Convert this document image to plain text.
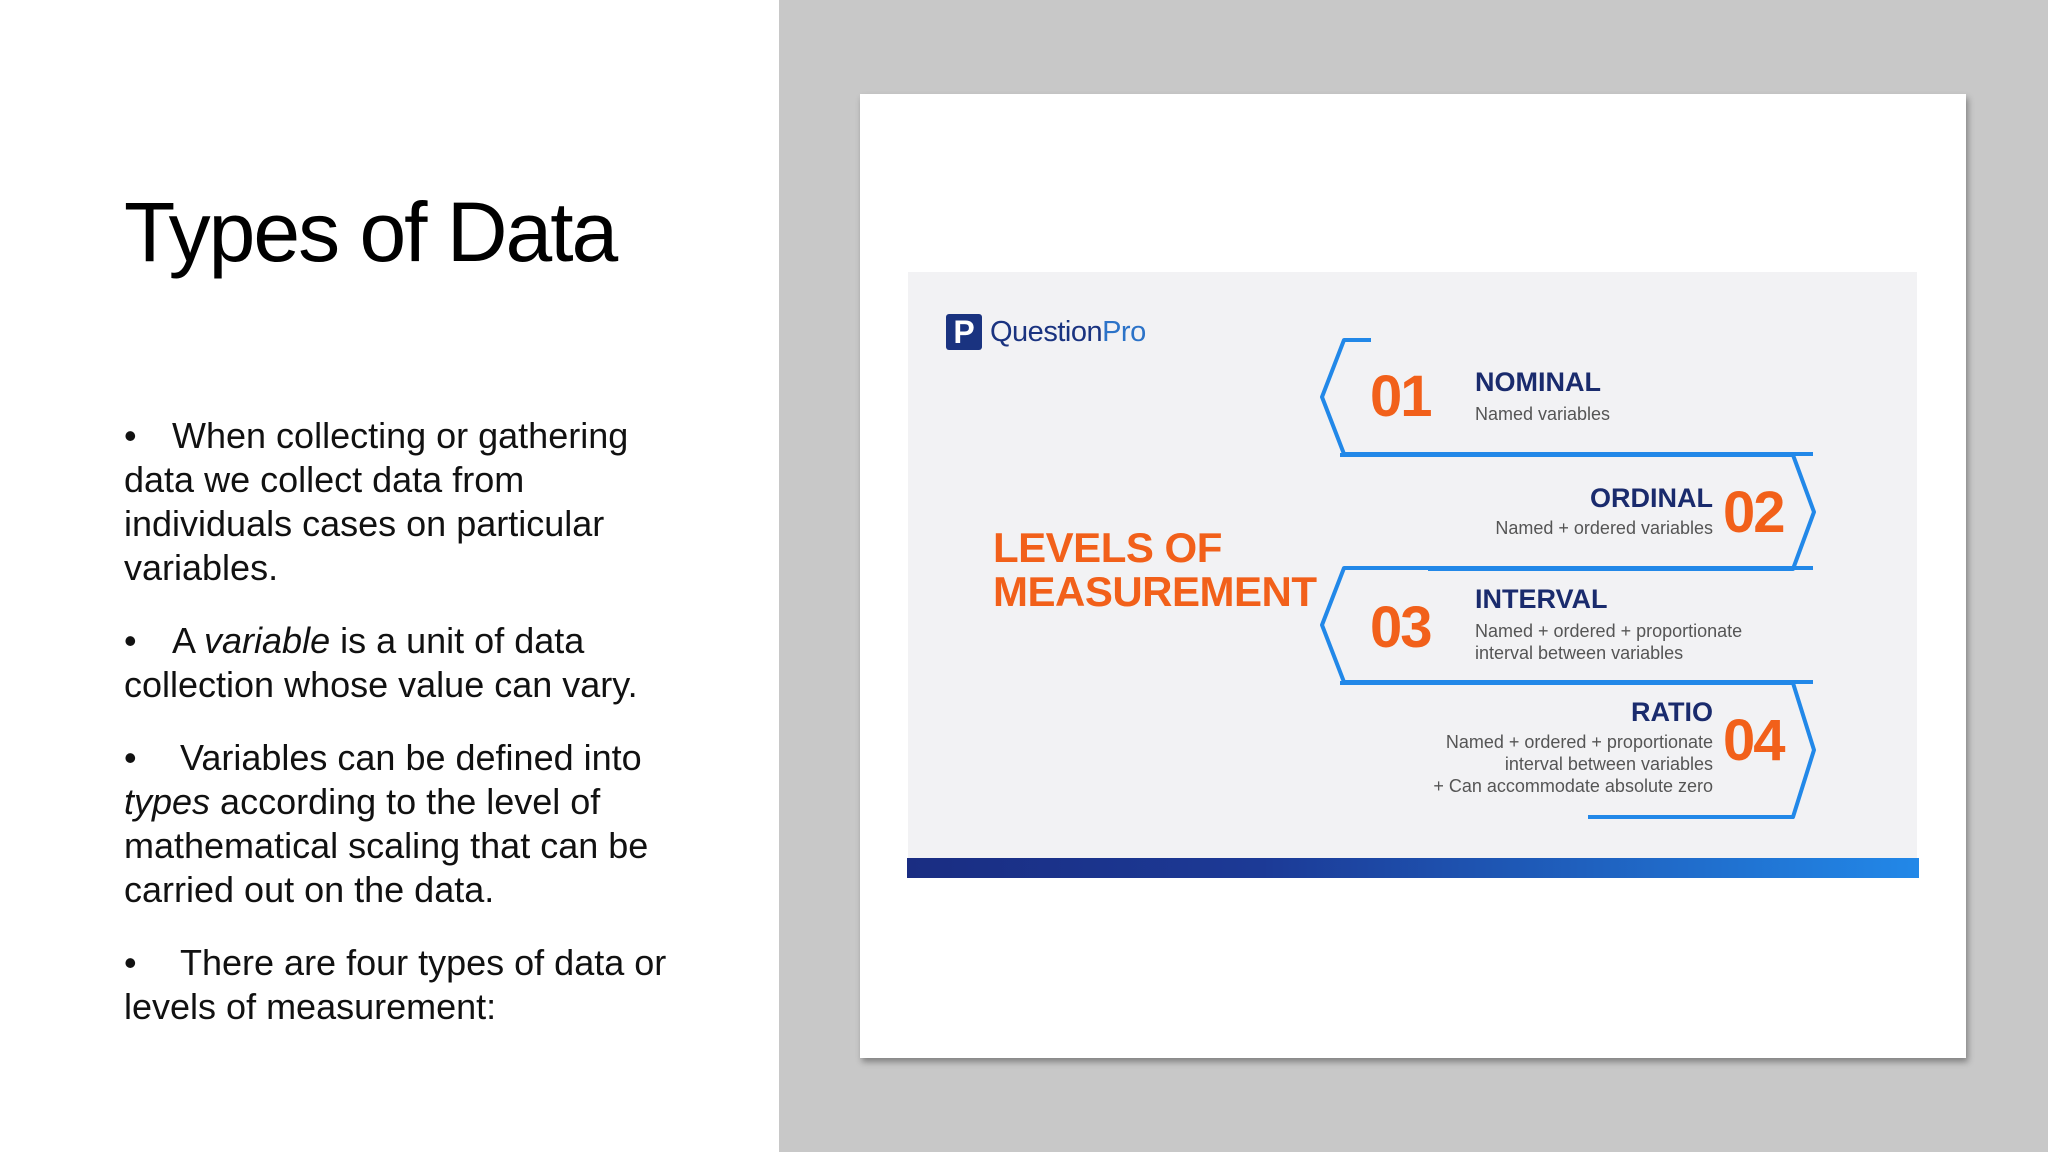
Types of Data

• When collecting or gathering data we collect data from individuals cases on particular variables.

• A variable is a unit of data collection whose value can vary.

• Variables can be defined into types according to the level of mathematical scaling that can be carried out on the data.

• There are four types of data or levels of measurement:

P QuestionPro
LEVELS OF
MEASUREMENT
01 NOMINAL
Named variables
02
ORDINAL
Named + ordered variables
03 INTERVAL
Named + ordered + proportionate
interval between variables
04
RATIO
Named + ordered + proportionate
interval between variables
+ Can accommodate absolute zero
